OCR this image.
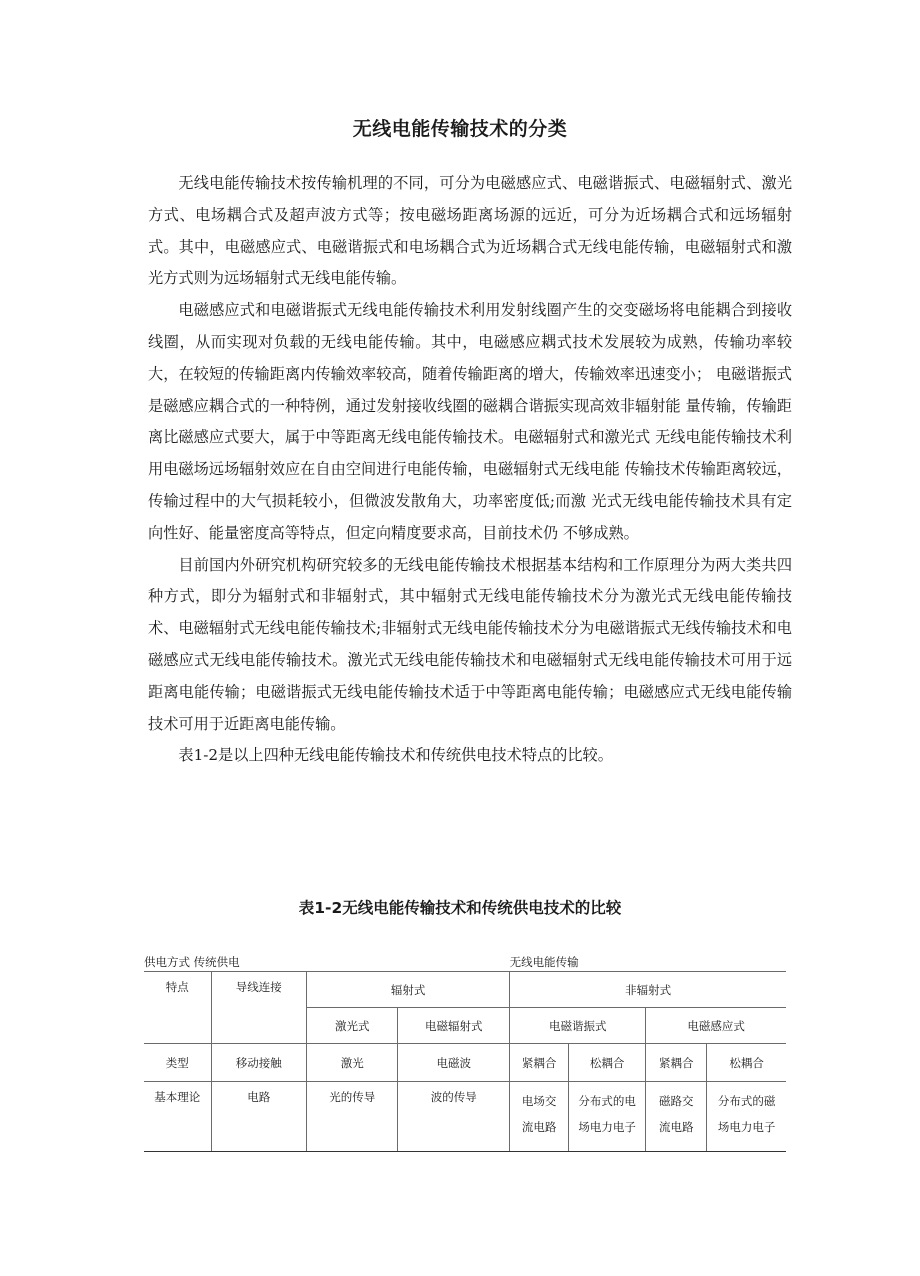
无线电能传输技术的分类

无线电能传输技术按传输机理的不同，可分为电磁感应式、电磁谐振式、电磁辐射式、激光方式、电场耦合式及超声波方式等；按电磁场距离场源的远近，可分为近场耦合式和远场辐射式。其中，电磁感应式、电磁谐振式和电场耦合式为近场耦合式无线电能传输，电磁辐射式和激光方式则为远场辐射式无线电能传输。

电磁感应式和电磁谐振式无线电能传输技术利用发射线圈产生的交变磁场将电能耦合到接收线圈，从而实现对负载的无线电能传输。其中，电磁感应耦式技术发展较为成熟，传输功率较大，在较短的传输距离内传输效率较高，随着传输距离的增大，传输效率迅速变小； 电磁谐振式是磁感应耦合式的一种特例，通过发射接收线圈的磁耦合谐振实现高效非辐射能 量传输，传输距离比磁感应式要大，属于中等距离无线电能传输技术。电磁辐射式和激光式 无线电能传输技术利用电磁场远场辐射效应在自由空间进行电能传输，电磁辐射式无线电能 传输技术传输距离较远，传输过程中的大气损耗较小，但微波发散角大，功率密度低;而激 光式无线电能传输技术具有定向性好、能量密度高等特点，但定向精度要求高，目前技术仍 不够成熟。

目前国内外研究机构研究较多的无线电能传输技术根据基本结构和工作原理分为两大类共四种方式，即分为辐射式和非辐射式，其中辐射式无线电能传输技术分为激光式无线电能传输技术、电磁辐射式无线电能传输技术;非辐射式无线电能传输技术分为电磁谐振式无线传输技术和电磁感应式无线电能传输技术。激光式无线电能传输技术和电磁辐射式无线电能传输技术可用于远距离电能传输；电磁谐振式无线电能传输技术适于中等距离电能传输；电磁感应式无线电能传输技术可用于近距离电能传输。

表1-2是以上四种无线电能传输技术和传统供电技术特点的比较。

表1-2无线电能传输技术和传统供电技术的比较
供电方式 传统供电				无线电能传输			
特点	导线连接	辐射式		非辐射式			
		激光式	电磁辐射式	电磁谐振式		电磁感应式	
类型	移动接触	激光	电磁波	紧耦合	松耦合	紧耦合	松耦合
基本理论	电路	光的传导	波的传导	电场交流电路	分布式的电场电力电子	磁路交流电路	分布式的磁场电力电子
